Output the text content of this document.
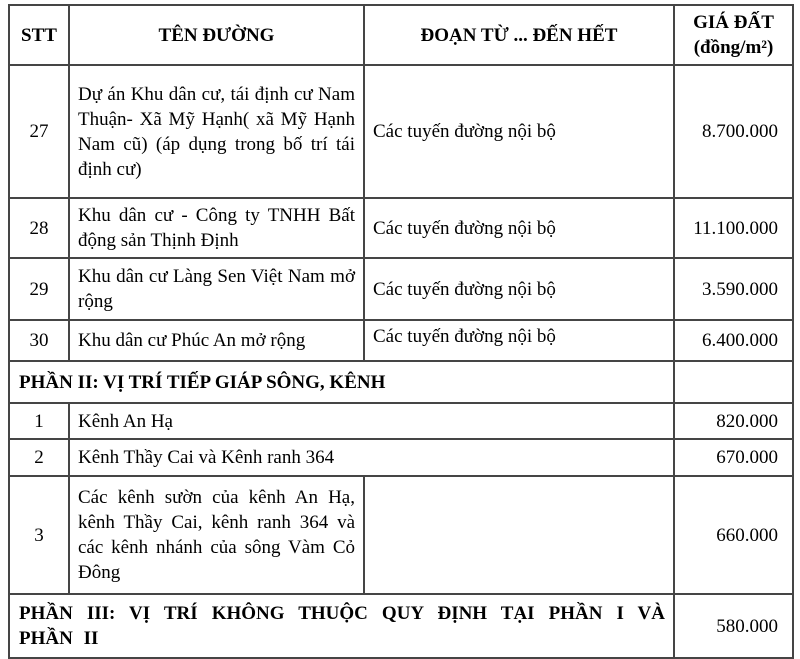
STT	TÊN ĐƯỜNG	ĐOẠN TỪ ... ĐẾN HẾT	GIÁ ĐẤT (đồng/m²)
27	Dự án Khu dân cư, tái định cư Nam Thuận- Xã Mỹ Hạnh( xã Mỹ Hạnh Nam cũ) (áp dụng trong bố trí tái định cư)	Các tuyến đường nội bộ	8.700.000
28	Khu dân cư - Công ty TNHH Bất động sản Thịnh Định	Các tuyến đường nội bộ	11.100.000
29	Khu dân cư Làng Sen Việt Nam mở rộng	Các tuyến đường nội bộ	3.590.000
30	Khu dân cư Phúc An mở rộng	Các tuyến đường nội bộ	6.400.000
PHẦN II: VỊ TRÍ TIẾP GIÁP SÔNG, KÊNH			
1	Kênh An Hạ		820.000
2	Kênh Thầy Cai và Kênh ranh 364		670.000
3	Các kênh sườn của kênh An Hạ, kênh Thầy Cai, kênh ranh 364 và các kênh nhánh của sông Vàm Cỏ Đông		660.000
PHẦN III: VỊ TRÍ KHÔNG THUỘC QUY ĐỊNH TẠI PHẦN I VÀ PHẦN II			580.000
